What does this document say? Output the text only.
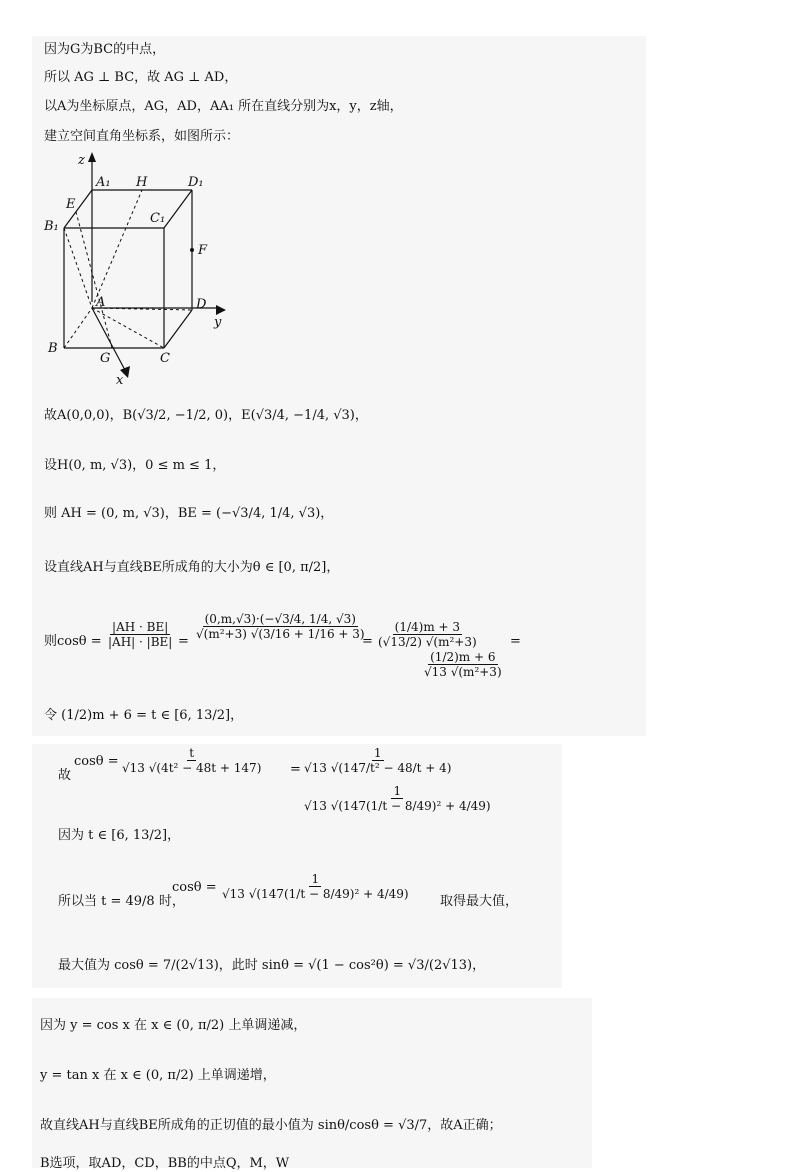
因为G为BC的中点，
所以 AG ⊥ BC，故 AG ⊥ AD，
以A为坐标原点，AG，AD，AA₁ 所在直线分别为x，y，z轴，
建立空间直角坐标系，如图所示：
z
y
x
A₁ H	D₁
E
B₁
C₁
F
A	D
B
G	C
故A(0,0,0)，B(√3/2, −1/2, 0)，E(√3/4, −1/4, √3)，
设H(0, m, √3)，0 ≤ m ≤ 1，
则 AH = (0, m, √3)，BE = (−√3/4, 1/4, √3)，
设直线AH与直线BE所成角的大小为θ ∈ [0, π/2]，
则$\cos\theta = \frac{|AH \cdot BE|}{|AH| \cdot |BE|}$ =
$\frac{(0,m,√3)\cdot(-√3/4, 1/4, √3)}{\text{√(m²+3) √(3/16 + 1/16 + 3)}}$
= $\frac{(1/4)m + 3}{\text{(√13/2) √(m²+3)}}$ =
$\frac{(1/2)m + 6}{\text{√13 √(m²+3)}}$
令 (1/2)m + 6 = t ∈ [6, 13/2]，
故
$\cos\theta = \frac{t}{\text{√13 √(4t² − 48t + 147)}} = \frac{1}{\text{√13 √(147/t² − 48/t + 4)}}$
$\frac{1}{\text{√13 √(147(1/t − 8/49)² + 4/49)}}$
因为 t ∈ [6, 13/2]，
所以当 t = 49/8 时，
$\cos\theta = \frac{1}{\text{√13 √(147(1/t − 8/49)² + 4/49)}}$
取得最大值，
最大值为 cosθ = 7/(2√13)，此时 sinθ = √(1 − cos²θ) = √3/(2√13)，
因为 y = cos x 在 x ∈ (0, π/2) 上单调递减，
y = tan x 在 x ∈ (0, π/2) 上单调递增，
故直线AH与直线BE所成角的正切值的最小值为 sinθ/cosθ = √3/7，故A正确；
B选项，取AD，CD，BB的中点Q，M，W
